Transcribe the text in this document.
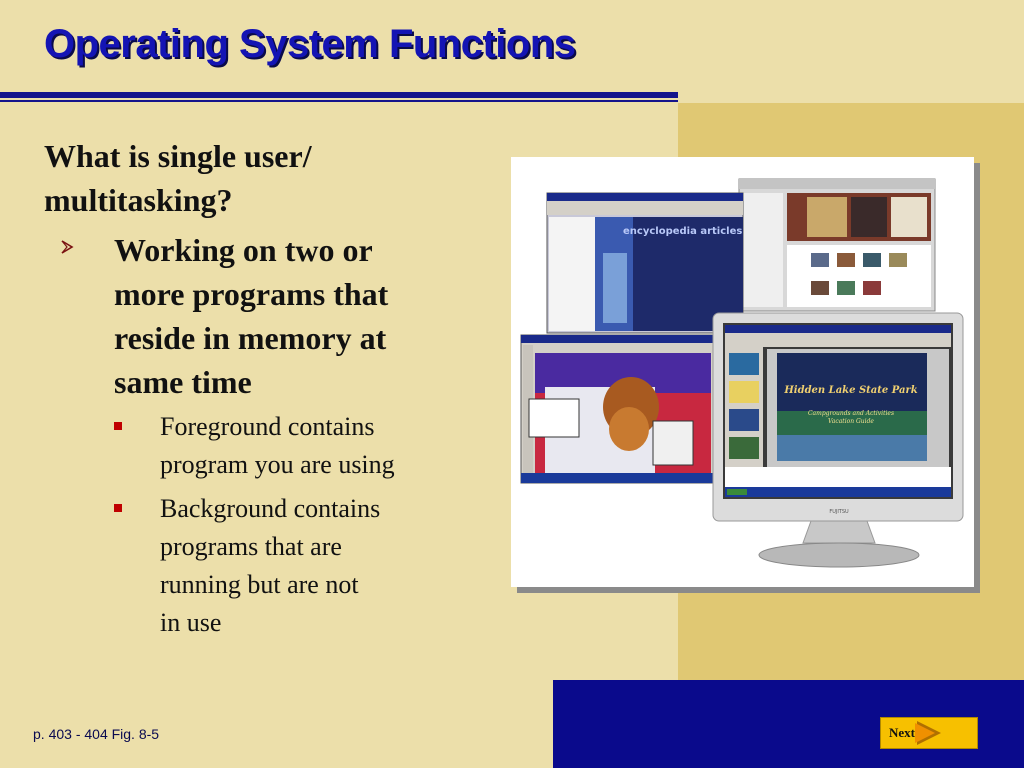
Operating System Functions
What is single user/
multitasking?
Working on two or
more programs that
reside in memory at
same time
Foreground contains
program you are using
Background contains
programs that are
running but are not
in use
encyclopedia articles
Hidden Lake State Park
Campgrounds and Activities
Vacation Guide
FUJITSU
p. 403 - 404 Fig. 8-5	Next
